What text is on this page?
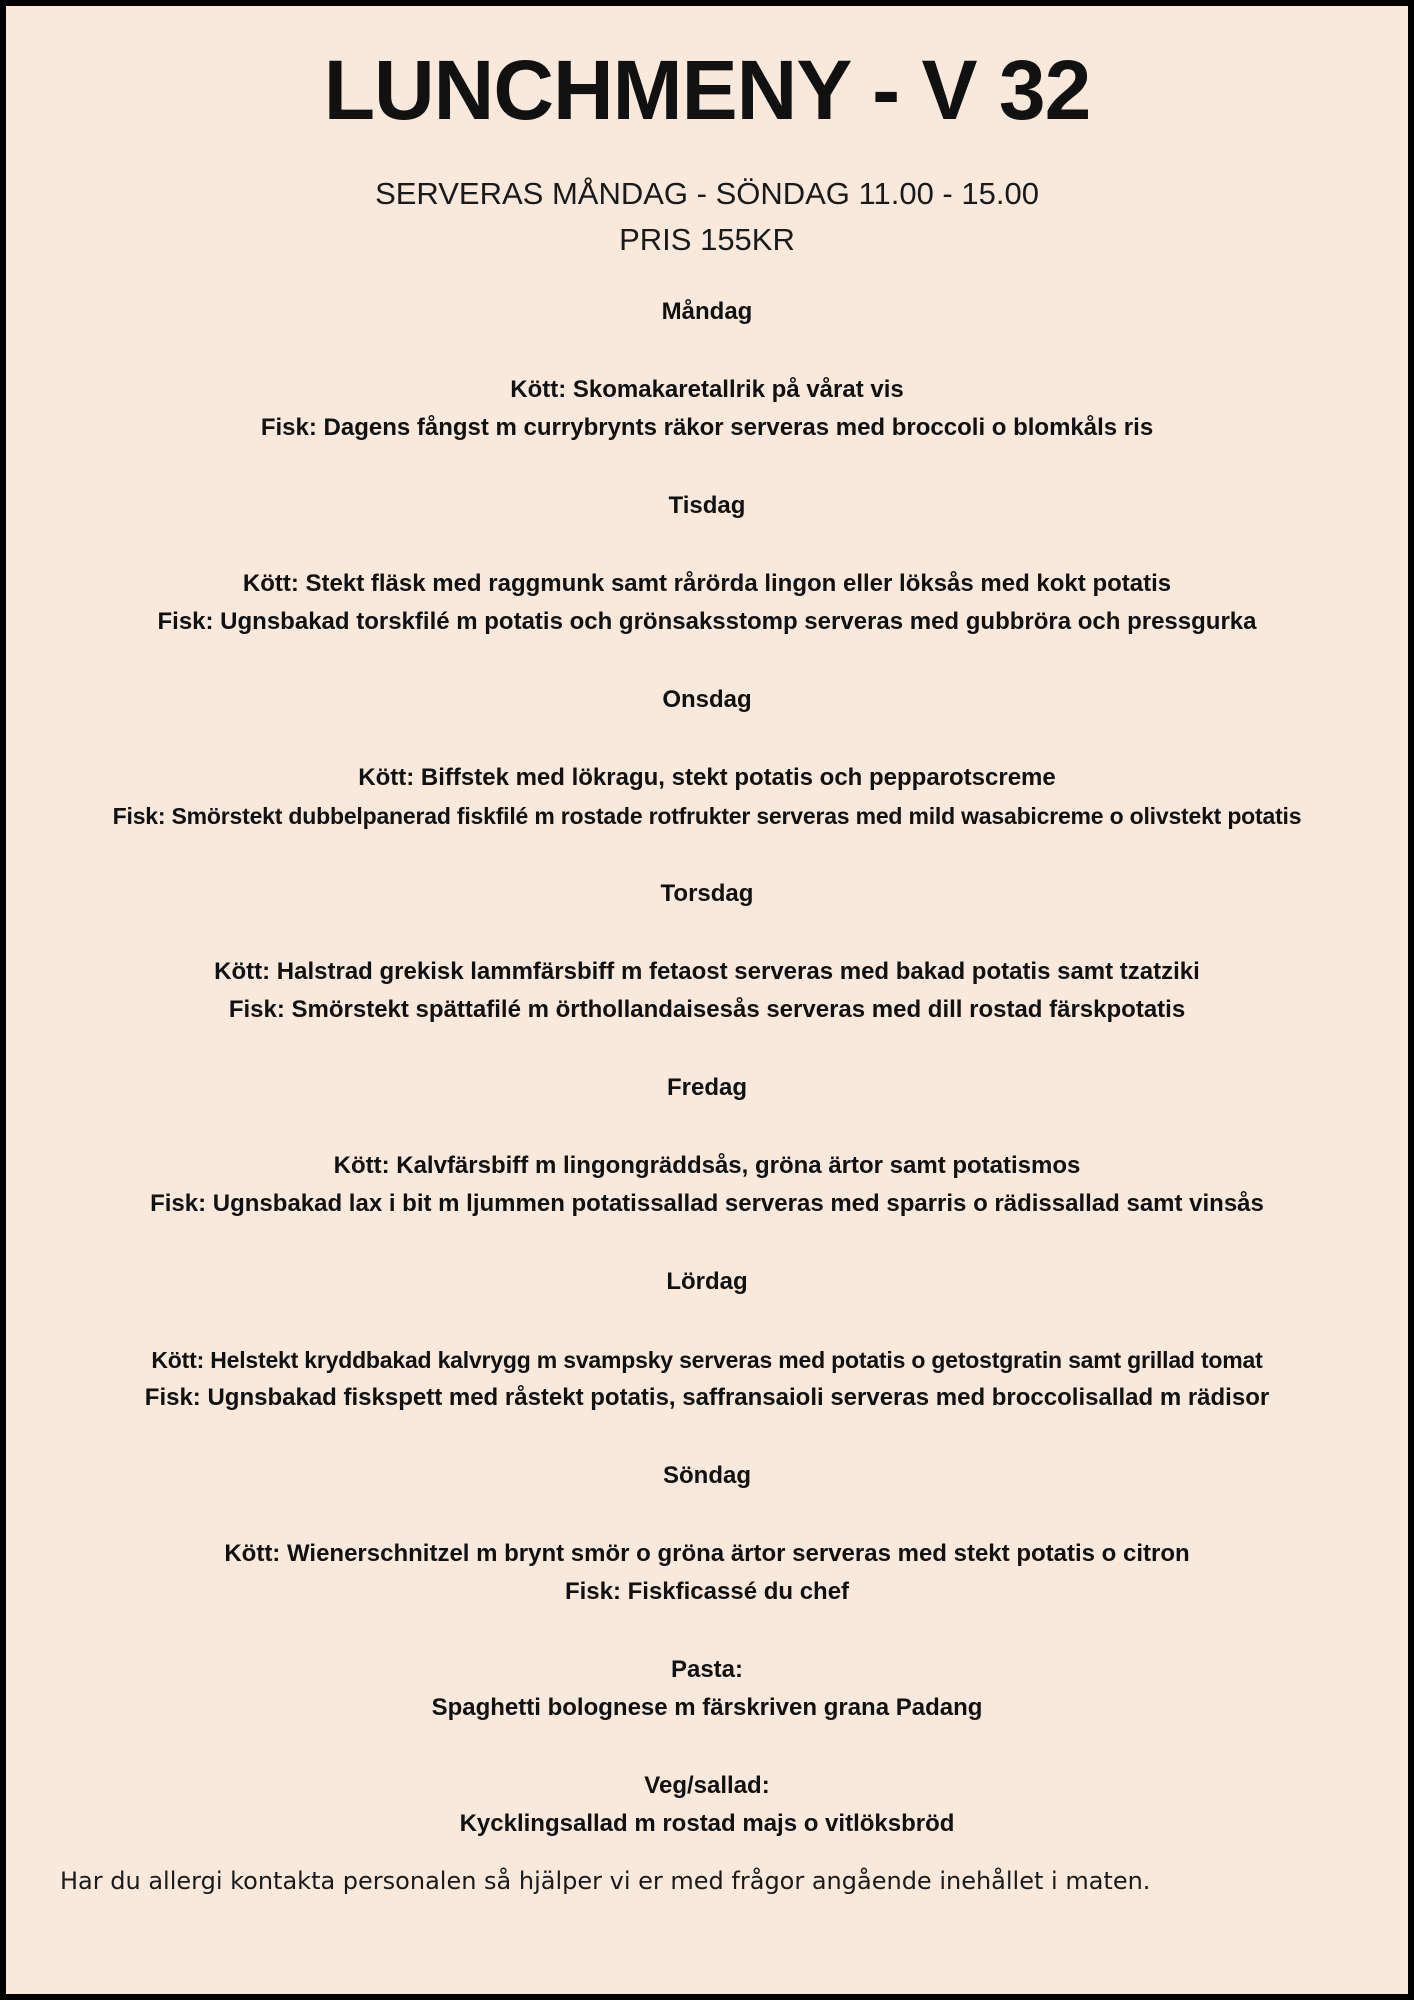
LUNCHMENY - V 32
SERVERAS MÅNDAG - SÖNDAG 11.00 - 15.00
PRIS 155KR
Måndag
Kött: Skomakaretallrik på vårat vis
Fisk: Dagens fångst m currybrynts räkor serveras med broccoli o blomkåls ris
Tisdag
Kött: Stekt fläsk med raggmunk samt rårörda lingon eller löksås med kokt potatis
Fisk: Ugnsbakad torskfilé m potatis och grönsaksstomp serveras med gubbröra och pressgurka
Onsdag
Kött: Biffstek med lökragu, stekt potatis och pepparotscreme
Fisk: Smörstekt dubbelpanerad fiskfilé m rostade rotfrukter serveras med mild wasabicreme o olivstekt potatis
Torsdag
Kött: Halstrad grekisk lammfärsbiff m fetaost serveras med bakad potatis samt tzatziki
Fisk: Smörstekt spättafilé m örthollandaisesås serveras med dill rostad färskpotatis
Fredag
Kött: Kalvfärsbiff m lingongräddsås, gröna ärtor samt potatismos
Fisk: Ugnsbakad lax i bit m ljummen potatissallad serveras med sparris o rädissallad samt vinsås
Lördag
Kött: Helstekt kryddbakad kalvrygg m svampsky serveras med potatis o getostgratin samt grillad tomat
Fisk: Ugnsbakad fiskspett med råstekt potatis, saffransaioli serveras med broccolisallad m rädisor
Söndag
Kött: Wienerschnitzel m brynt smör o gröna ärtor serveras med stekt potatis o citron
Fisk: Fiskficassé du chef
Pasta:
Spaghetti bolognese m färskriven grana Padang
Veg/sallad:
Kycklingsallad m rostad majs o vitlöksbröd
Har du allergi kontakta personalen så hjälper vi er med frågor angående inehållet i maten.
